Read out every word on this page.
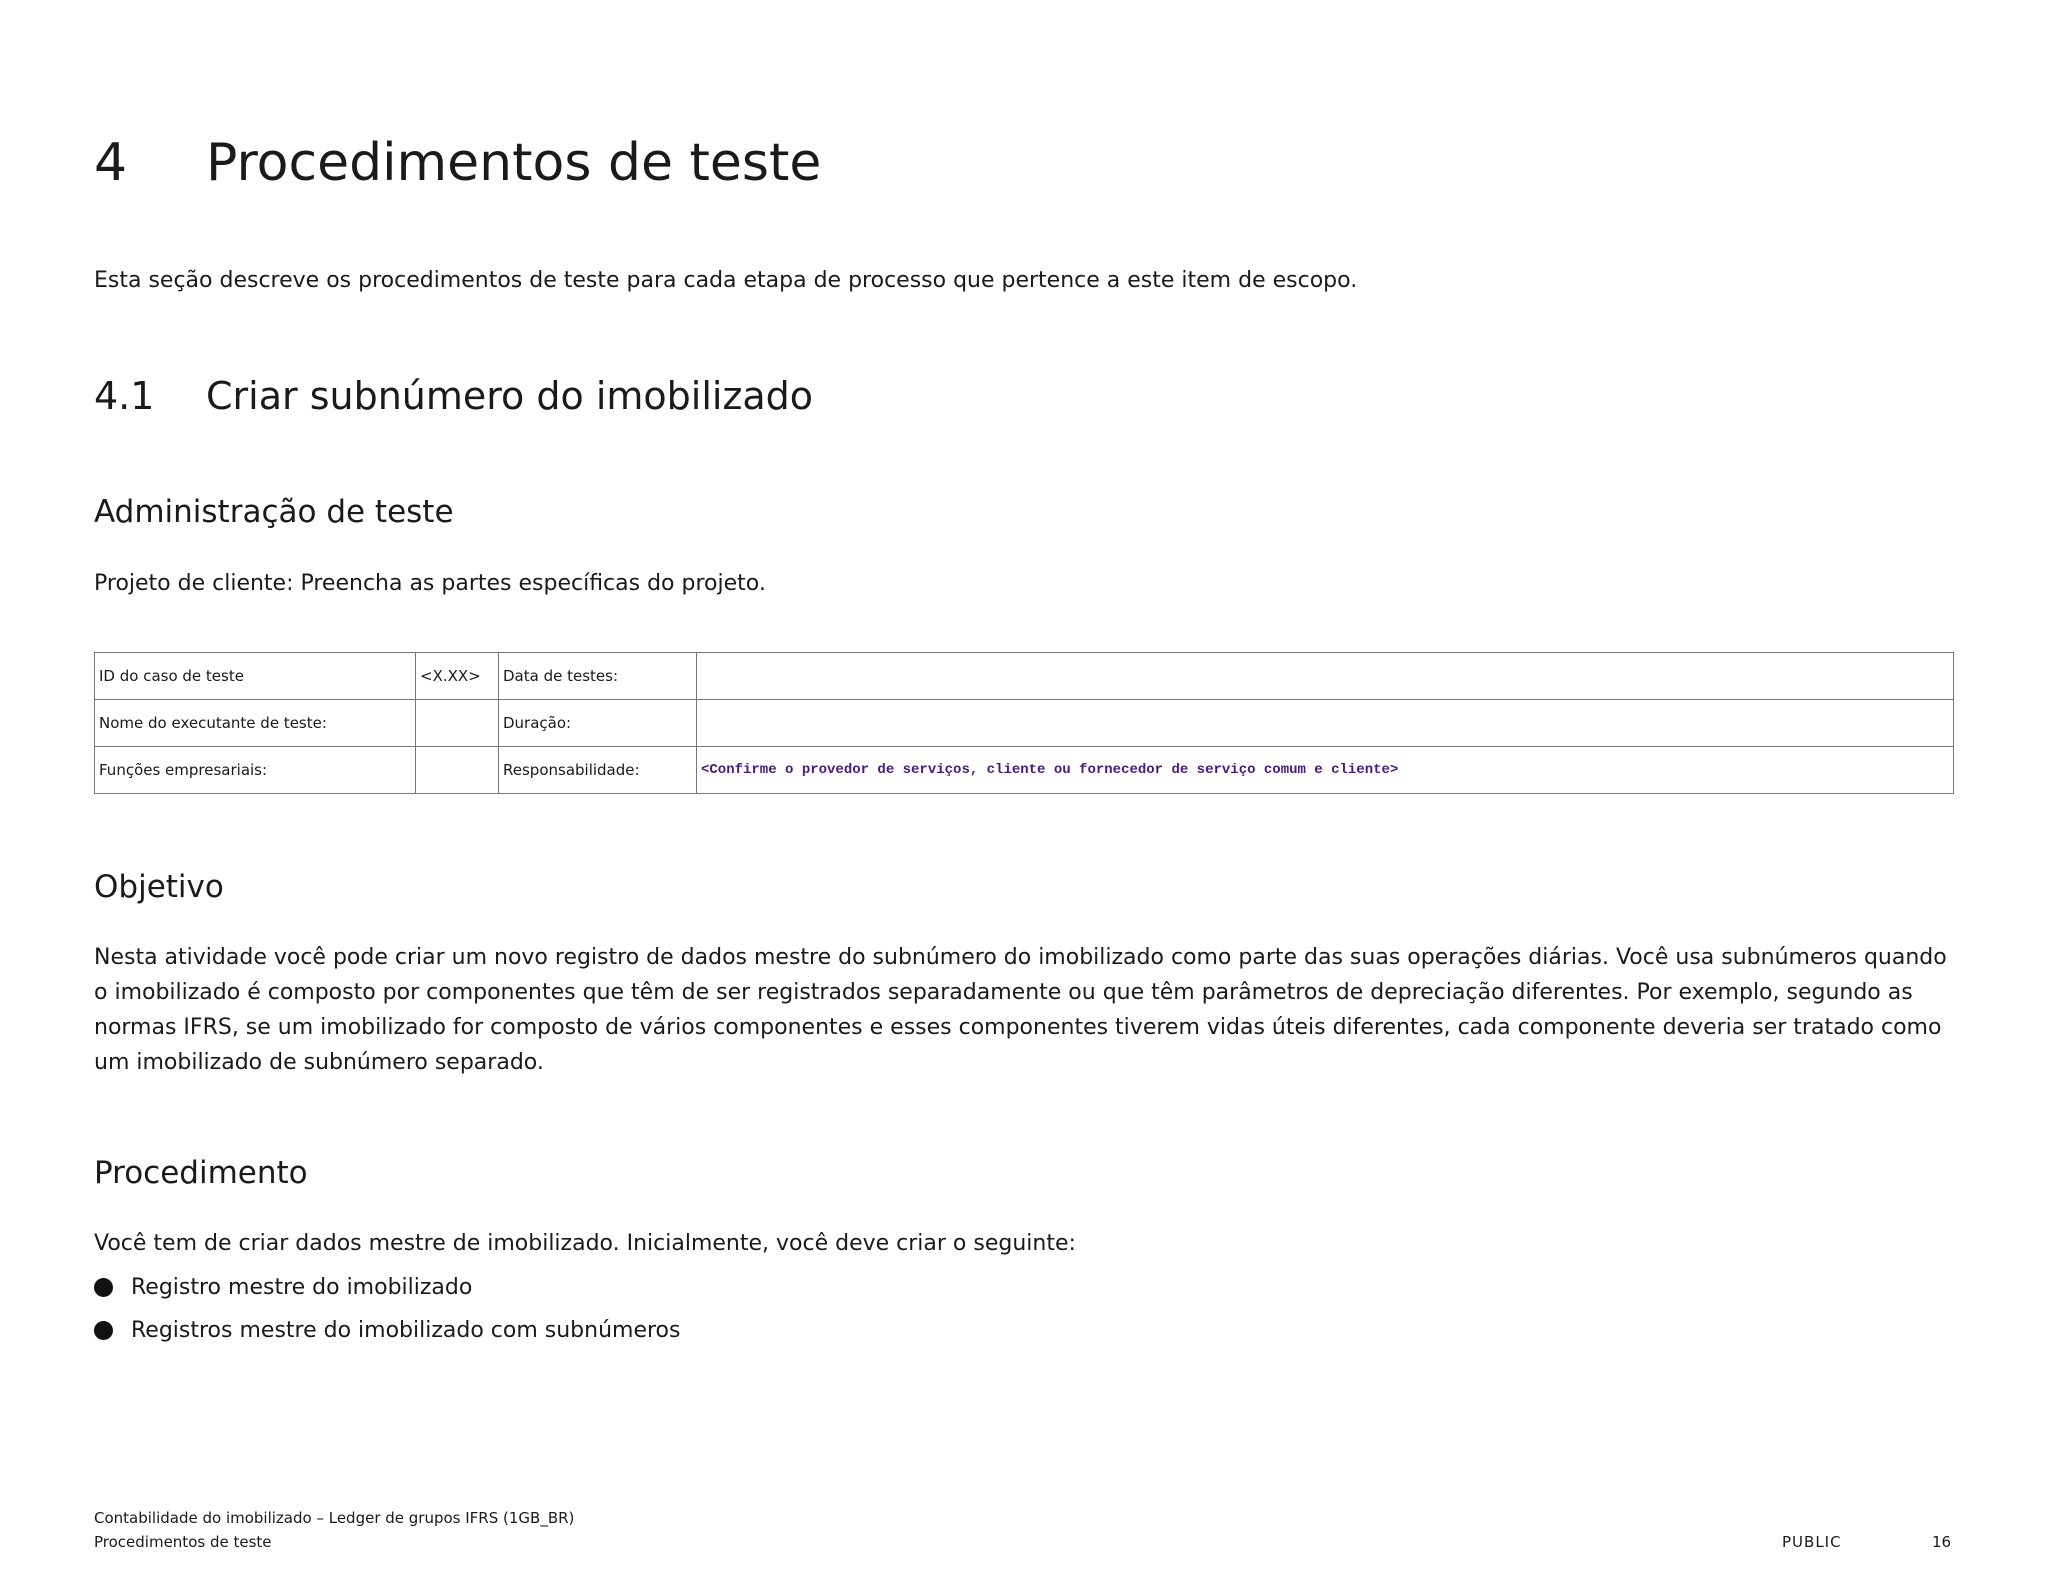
4	Procedimentos de teste

Esta seção descreve os procedimentos de teste para cada etapa de processo que pertence a este item de escopo.

4.1	Criar subnúmero do imobilizado
Administração de teste

Projeto de cliente: Preencha as partes específicas do projeto.

ID do caso de teste	<X.XX>	Data de testes:	
Nome do executante de teste:		Duração:	
Funções empresariais:		Responsabilidade:	<Confirme o provedor de serviços, cliente ou fornecedor de serviço comum e cliente>
Objetivo

Nesta atividade você pode criar um novo registro de dados mestre do subnúmero do imobilizado como parte das suas operações diárias. Você usa subnúmeros quando o imobilizado é composto por componentes que têm de ser registrados separadamente ou que têm parâmetros de depreciação diferentes. Por exemplo, segundo as normas IFRS, se um imobilizado for composto de vários componentes e esses componentes tiverem vidas úteis diferentes, cada componente deveria ser tratado como um imobilizado de subnúmero separado.

Procedimento

Você tem de criar dados mestre de imobilizado. Inicialmente, você deve criar o seguinte:

Registro mestre do imobilizado
Registros mestre do imobilizado com subnúmeros
Contabilidade do imobilizado – Ledger de grupos IFRS (1GB_BR)
Procedimentos de teste	PUBLIC	16
